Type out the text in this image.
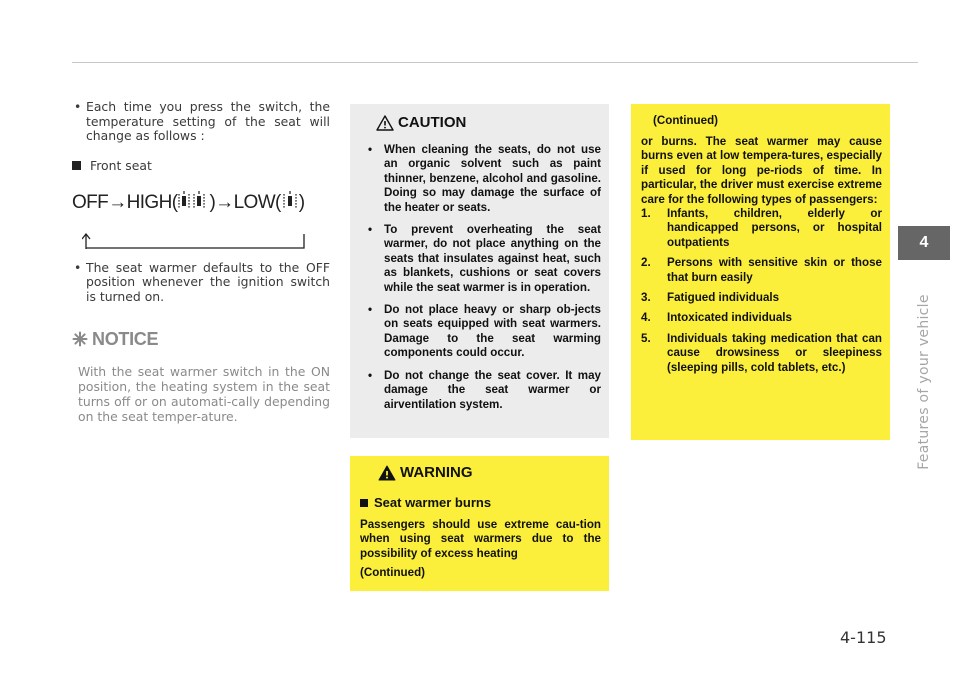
• Each time you press the switch, the temperature setting of the seat will change as follows :
Front seat
OFF→HIGH( )→LOW( )
• The seat warmer defaults to the OFF position whenever the ignition switch is turned on.
NOTICE
With the seat warmer switch in the ON position, the heating system in the seat turns off or on automati-cally depending on the seat temper-ature.
CAUTION
• When cleaning the seats, do not use an organic solvent such as paint thinner, benzene, alcohol and gasoline. Doing so may damage the surface of the heater or seats.
• To prevent overheating the seat warmer, do not place anything on the seats that insulates against heat, such as blankets, cushions or seat covers while the seat warmer is in operation.
• Do not place heavy or sharp ob-jects on seats equipped with seat warmers. Damage to the seat warming components could occur.
• Do not change the seat cover. It may damage the seat warmer or airventilation system.
WARNING
Seat warmer burns
Passengers should use extreme cau-tion when using seat warmers due to the possibility of excess heating
(Continued)
(Continued)
or burns. The seat warmer may cause burns even at low tempera-tures, especially if used for long pe-riods of time. In particular, the driver must exercise extreme care for the following types of passengers:
1. Infants, children, elderly or handicapped persons, or hospital outpatients
2. Persons with sensitive skin or those that burn easily
3. Fatigued individuals
4. Intoxicated individuals
5. Individuals taking medication that can cause drowsiness or sleepiness (sleeping pills, cold tablets, etc.)
4
Features of your vehicle
4-115
